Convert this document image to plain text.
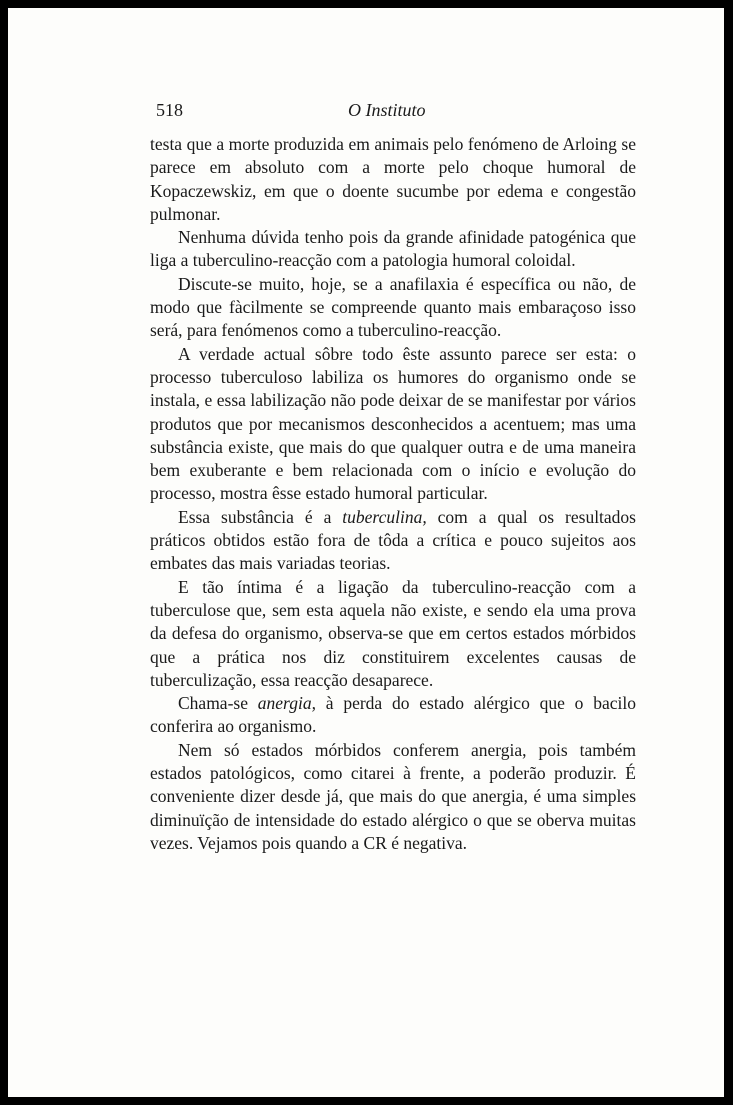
518	O Instituto

testa que a morte produzida em animais pelo fenómeno de Arloing se parece em absoluto com a morte pelo choque humoral de Kopaczewskiz, em que o doente sucumbe por edema e congestão pulmonar.

Nenhuma dúvida tenho pois da grande afinidade patogénica que liga a tuberculino-reacção com a patologia humoral coloidal.

Discute-se muito, hoje, se a anafilaxia é específica ou não, de modo que fàcilmente se compreende quanto mais embaraçoso isso será, para fenómenos como a tuberculino-reacção.

A verdade actual sôbre todo êste assunto parece ser esta: o processo tuberculoso labiliza os humores do organismo onde se instala, e essa labilização não pode deixar de se manifestar por vários produtos que por mecanismos desconhecidos a acentuem; mas uma substância existe, que mais do que qualquer outra e de uma maneira bem exuberante e bem relacionada com o início e evolução do processo, mostra êsse estado humoral particular.

Essa substância é a tuberculina, com a qual os resultados práticos obtidos estão fora de tôda a crítica e pouco sujeitos aos embates das mais variadas teorias.

E tão íntima é a ligação da tuberculino-reacção com a tuberculose que, sem esta aquela não existe, e sendo ela uma prova da defesa do organismo, observa-se que em certos estados mórbidos que a prática nos diz constituirem excelentes causas de tuberculização, essa reacção desaparece.

Chama-se anergia, à perda do estado alérgico que o bacilo conferira ao organismo.

Nem só estados mórbidos conferem anergia, pois também estados patológicos, como citarei à frente, a poderão produzir. É conveniente dizer desde já, que mais do que anergia, é uma simples diminuïção de intensidade do estado alérgico o que se oberva muitas vezes. Vejamos pois quando a CR é negativa.
